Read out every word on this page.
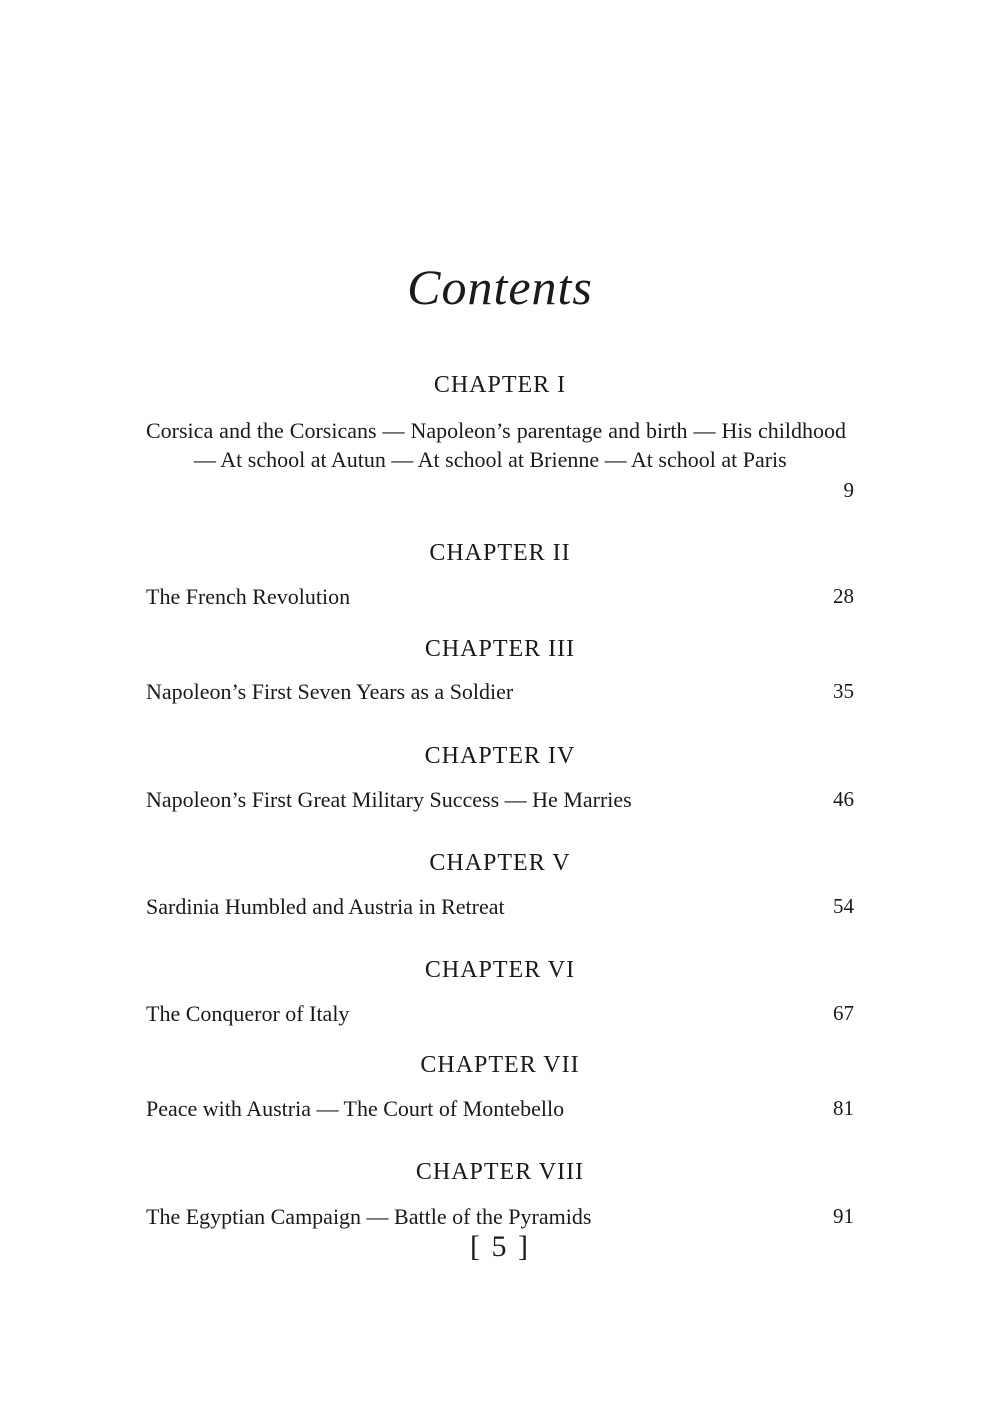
Contents
CHAPTER I
Corsica and the Corsicans — Napoleon’s parentage and birth — His childhood — At school at Autun — At school at Brienne — At school at Paris
9
CHAPTER II
The French Revolution	28
CHAPTER III
Napoleon’s First Seven Years as a Soldier	35
CHAPTER IV
Napoleon’s First Great Military Success — He Marries	46
CHAPTER V
Sardinia Humbled and Austria in Retreat	54
CHAPTER VI
The Conqueror of Italy	67
CHAPTER VII
Peace with Austria — The Court of Montebello	81
CHAPTER VIII
The Egyptian Campaign — Battle of the Pyramids	91
[ 5 ]
